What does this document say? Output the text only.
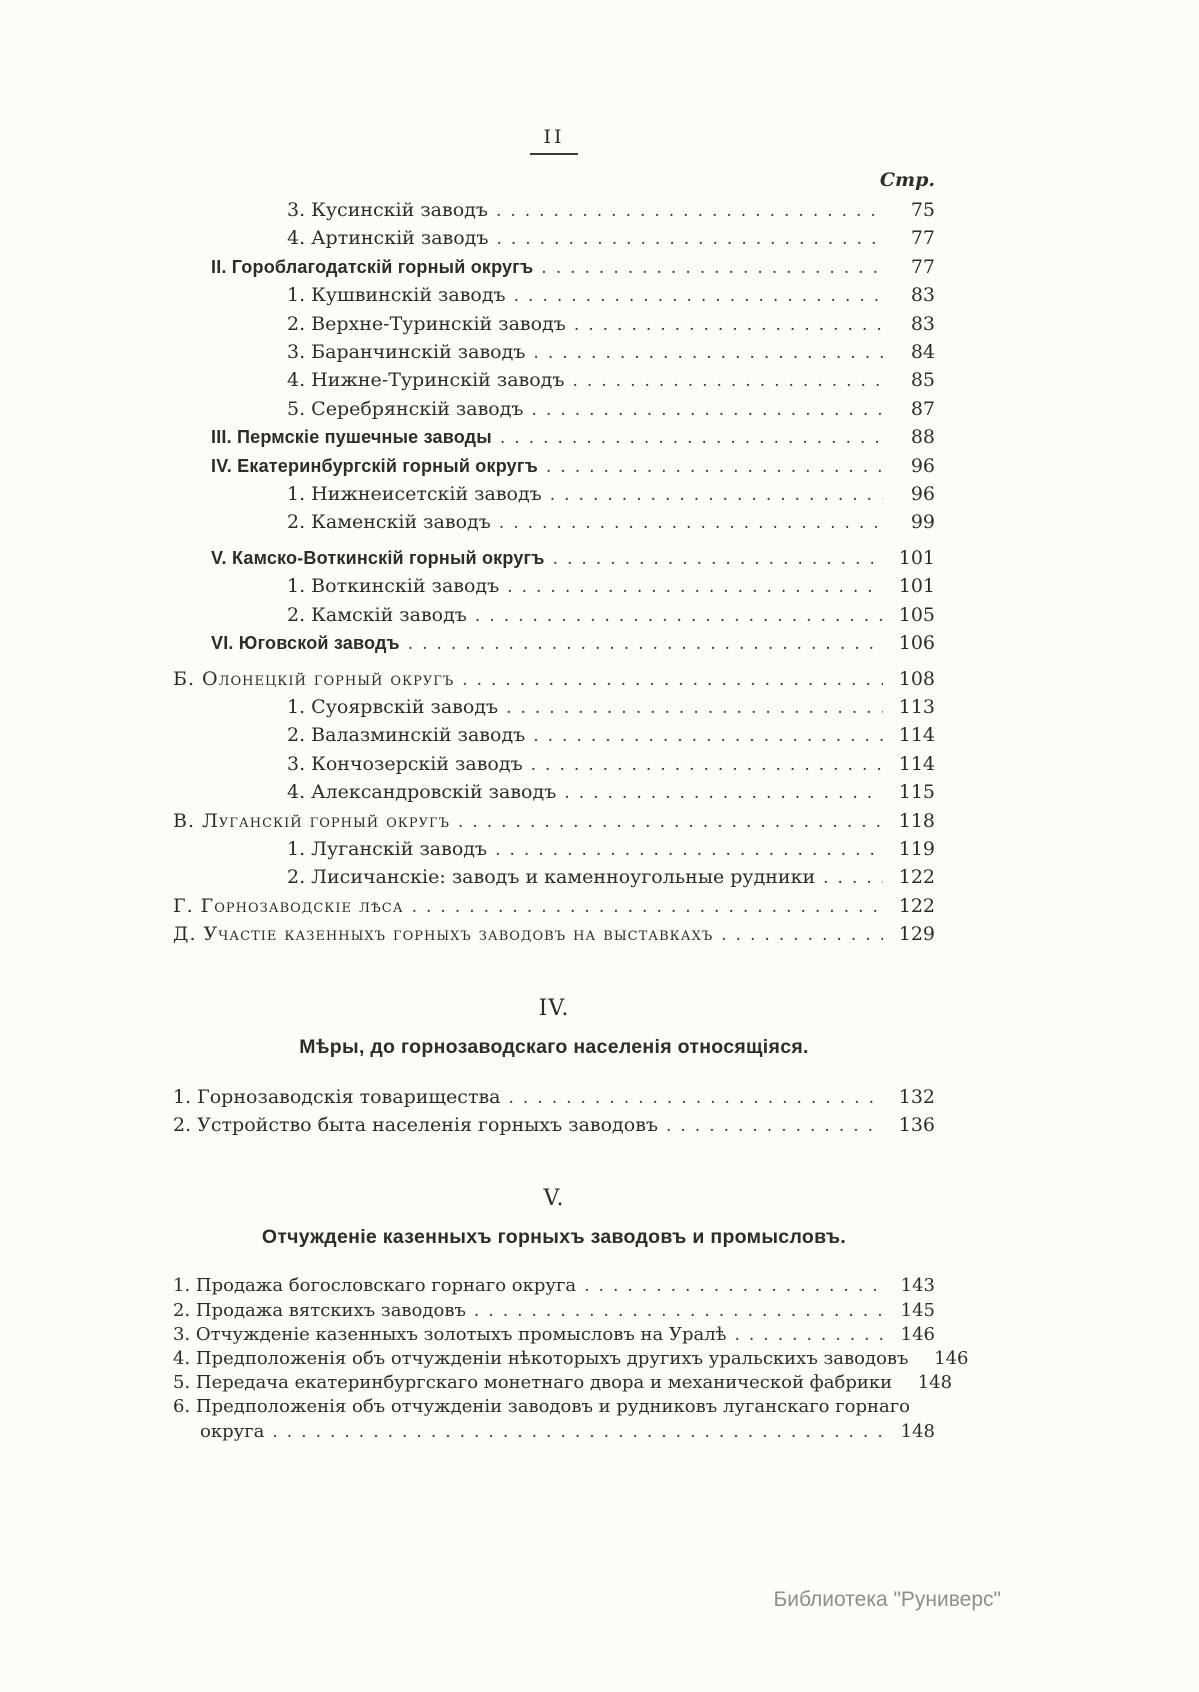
II
Стр.
3. Кусинскій заводъ .....	75
4. Артинскій заводъ .....	77
II. Гороблагодатскій горный округъ .....	77
1. Кушвинскій заводъ .....	83
2. Верхне-Туринскій заводъ .....	83
3. Баранчинскій заводъ .....	84
4. Нижне-Туринскій заводъ .....	85
5. Серебрянскій заводъ .....	87
III. Пермскіе пушечные заводы .....	88
IV. Екатеринбургскій горный округъ .....	96
1. Нижнеисетскій заводъ .....	96
2. Каменскій заводъ .....	99
V. Камско-Воткинскій горный округъ .....	101
1. Воткинскій заводъ .....	101
2. Камскій заводъ .....	105
VI. Юговской заводъ .....	106
Б. Олонецкій горный округъ .....	108
1. Суоярвскій заводъ .....	113
2. Валазминскій заводъ .....	114
3. Кончозерскій заводъ .....	114
4. Александровскій заводъ .....	115
В. Луганскій горный округъ .....	118
1. Луганскій заводъ .....	119
2. Лисичанскіе: заводъ и каменноугольные рудники .....	122
Г. Горнозаводскіе лѣса .....	122
Д. Участіе казенныхъ горныхъ заводовъ на выставкахъ .....	129
IV.
Мѣры, до горнозаводскаго населенія относящіяся.
1. Горнозаводскія товарищества .....	132
2. Устройство быта населенія горныхъ заводовъ .....	136
V.
Отчужденіе казенныхъ горныхъ заводовъ и промысловъ.
1. Продажа богословскаго горнаго округа .....	143
2. Продажа вятскихъ заводовъ .....	145
3. Отчужденіе казенныхъ золотыхъ промысловъ на Уралѣ .....	146
4. Предположенія объ отчужденіи нѣкоторыхъ другихъ уральскихъ заводовъ	146
5. Передача екатеринбургскаго монетнаго двора и механической фабрики	148
6. Предположенія объ отчужденіи заводовъ и рудниковъ луганскаго горнаго
округа .....	148
Библиотека "Руниверс"
